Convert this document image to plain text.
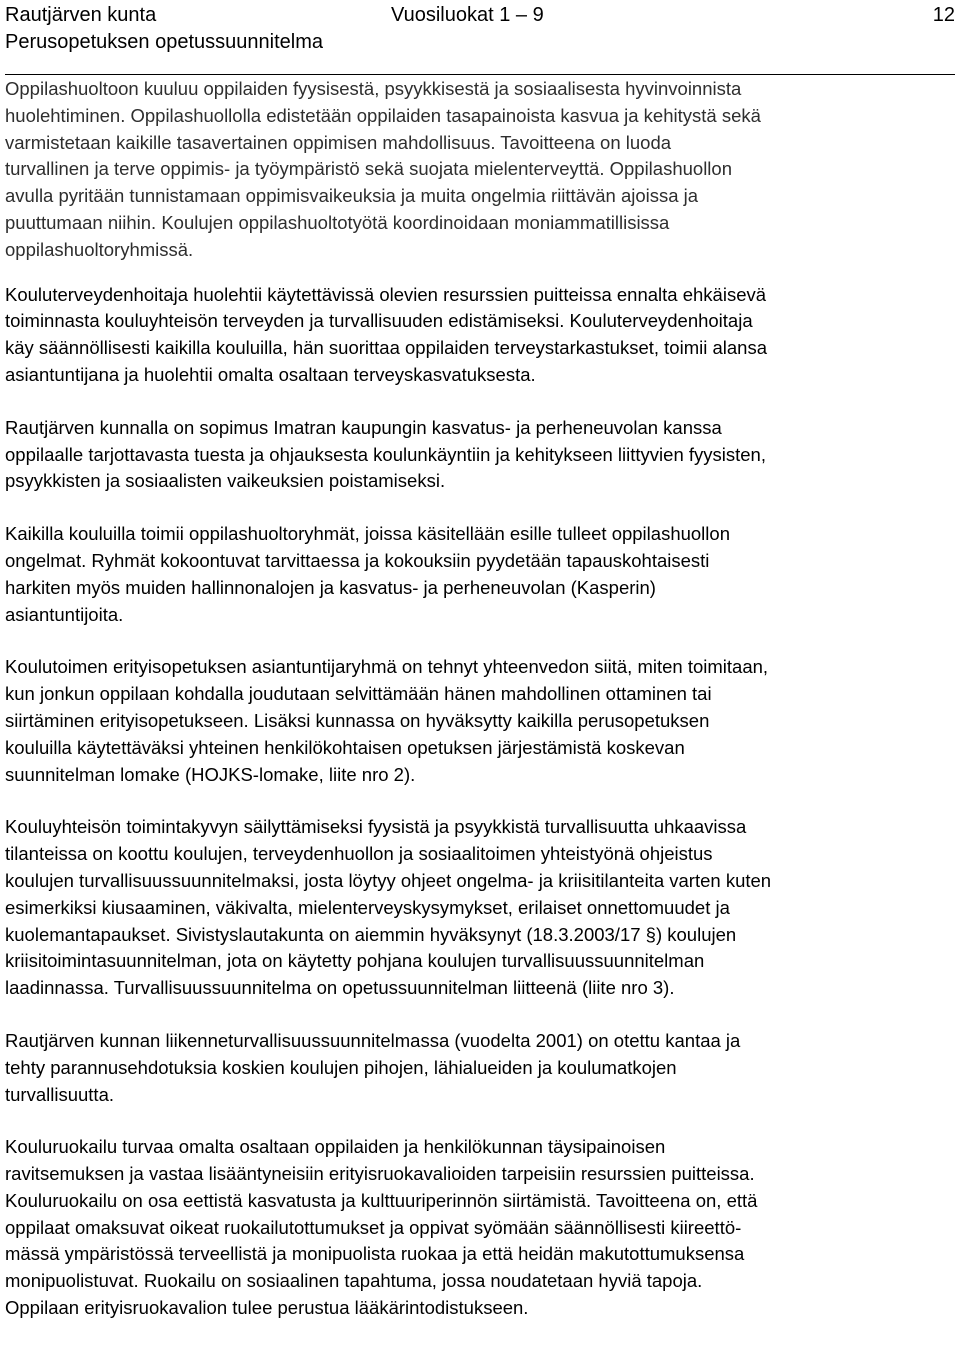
Rautjärven kunta
Perusopetuksen opetussuunnitelma
Vuosiluokat 1 – 9	12

Oppilashuoltoon kuuluu oppilaiden fyysisestä, psyykkisestä ja sosiaalisesta hyvinvoinnista
huolehtiminen. Oppilashuollolla edistetään oppilaiden tasapainoista kasvua ja kehitystä sekä
varmistetaan kaikille tasavertainen oppimisen mahdollisuus. Tavoitteena on luoda
turvallinen ja terve oppimis- ja työympäristö sekä suojata mielenterveyttä. Oppilashuollon
avulla pyritään tunnistamaan oppimisvaikeuksia ja muita ongelmia riittävän ajoissa ja
puuttumaan niihin. Koulujen oppilashuoltotyötä koordinoidaan moniammatillisissa
oppilashuoltoryhmissä.

Kouluterveydenhoitaja huolehtii käytettävissä olevien resurssien puitteissa ennalta ehkäisevä
toiminnasta kouluyhteisön terveyden ja turvallisuuden edistämiseksi. Kouluterveydenhoitaja
käy säännöllisesti kaikilla kouluilla, hän suorittaa oppilaiden terveystarkastukset, toimii alansa
asiantuntijana ja huolehtii omalta osaltaan terveyskasvatuksesta.

Rautjärven kunnalla on sopimus Imatran kaupungin kasvatus- ja perheneuvolan kanssa
oppilaalle tarjottavasta tuesta ja ohjauksesta koulunkäyntiin ja kehitykseen liittyvien fyysisten,
psyykkisten ja sosiaalisten vaikeuksien poistamiseksi.

Kaikilla kouluilla toimii oppilashuoltoryhmät, joissa käsitellään esille tulleet oppilashuollon
ongelmat. Ryhmät kokoontuvat tarvittaessa ja kokouksiin pyydetään tapauskohtaisesti
harkiten myös muiden hallinnonalojen ja kasvatus- ja perheneuvolan (Kasperin)
asiantuntijoita.

Koulutoimen erityisopetuksen asiantuntijaryhmä on tehnyt yhteenvedon siitä, miten toimitaan,
kun jonkun oppilaan kohdalla joudutaan selvittämään hänen mahdollinen ottaminen tai
siirtäminen erityisopetukseen. Lisäksi kunnassa on hyväksytty kaikilla perusopetuksen
kouluilla käytettäväksi yhteinen henkilökohtaisen opetuksen järjestämistä koskevan
suunnitelman lomake (HOJKS-lomake, liite nro 2).

Kouluyhteisön toimintakyvyn säilyttämiseksi fyysistä ja psyykkistä turvallisuutta uhkaavissa
tilanteissa on koottu koulujen, terveydenhuollon ja sosiaalitoimen yhteistyönä ohjeistus
koulujen turvallisuussuunnitelmaksi, josta löytyy ohjeet ongelma- ja kriisitilanteita varten kuten
esimerkiksi kiusaaminen, väkivalta, mielenterveyskysymykset, erilaiset onnettomuudet ja
kuolemantapaukset. Sivistyslautakunta on aiemmin hyväksynyt (18.3.2003/17 §) koulujen
kriisitoimintasuunnitelman, jota on käytetty pohjana koulujen turvallisuussuunnitelman
laadinnassa. Turvallisuussuunnitelma on opetussuunnitelman liitteenä (liite nro 3).

Rautjärven kunnan liikenneturvallisuussuunnitelmassa (vuodelta 2001) on otettu kantaa ja
tehty parannusehdotuksia koskien koulujen pihojen, lähialueiden ja koulumatkojen
turvallisuutta.

Kouluruokailu turvaa omalta osaltaan oppilaiden ja henkilökunnan täysipainoisen
ravitsemuksen ja vastaa lisääntyneisiin erityisruokavalioiden tarpeisiin resurssien puitteissa.
Kouluruokailu on osa eettistä kasvatusta ja kulttuuriperinnön siirtämistä. Tavoitteena on, että
oppilaat omaksuvat oikeat ruokailutottumukset ja oppivat syömään säännöllisesti kiireettö-
mässä ympäristössä terveellistä ja monipuolista ruokaa ja että heidän makutottumuksensa
monipuolistuvat. Ruokailu on sosiaalinen tapahtuma, jossa noudatetaan hyviä tapoja.
Oppilaan erityisruokavalion tulee perustua lääkärintodistukseen.
